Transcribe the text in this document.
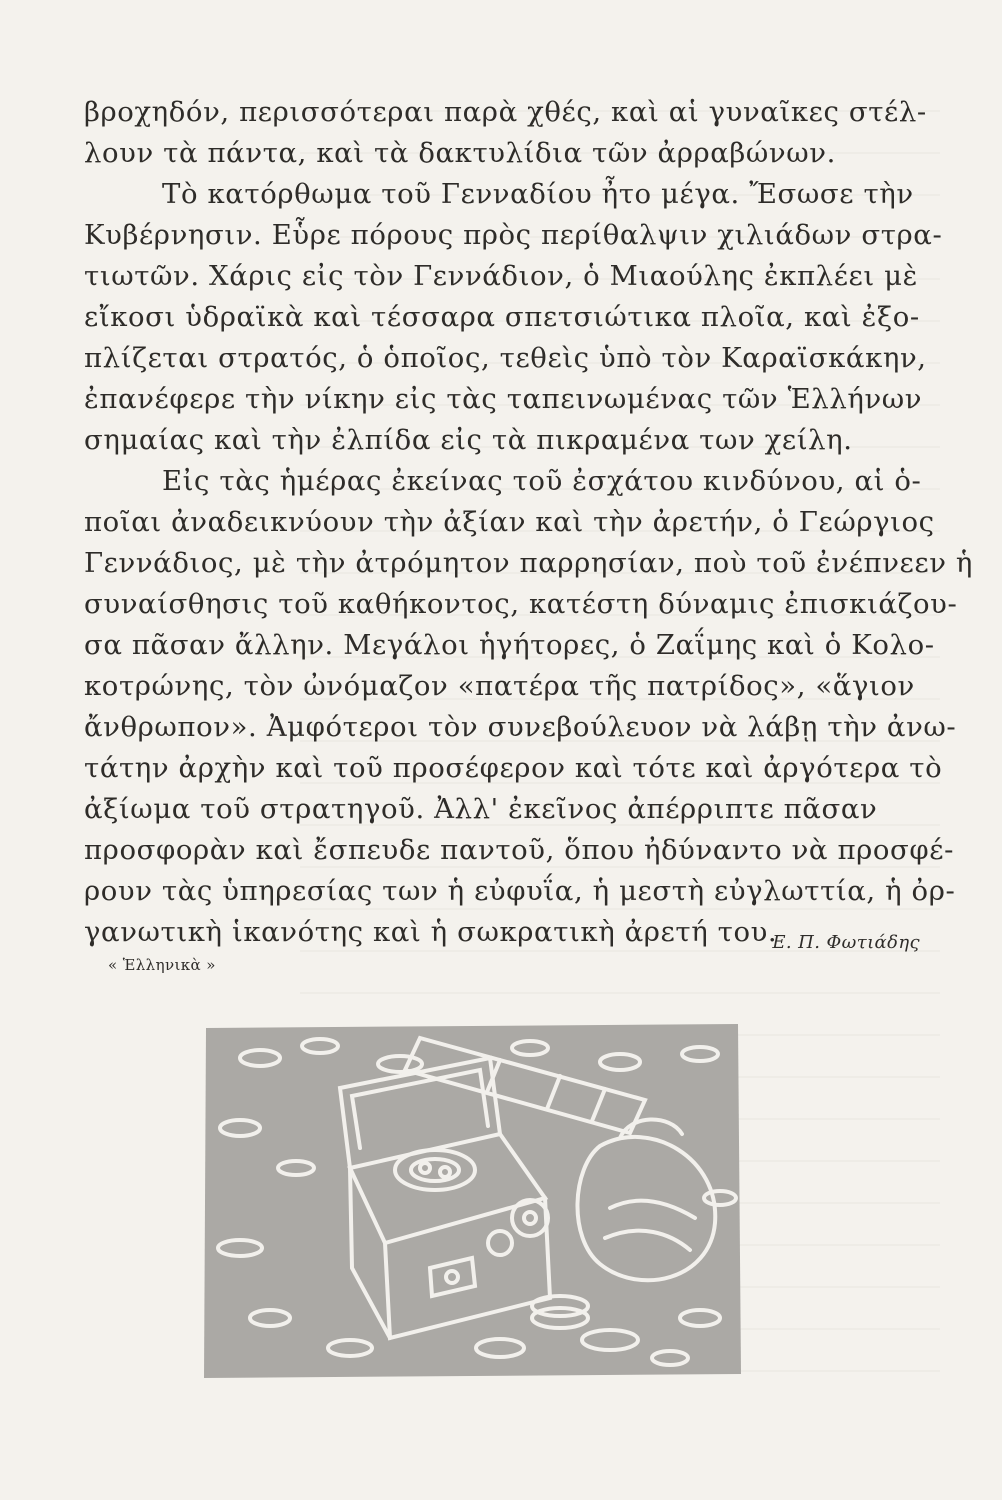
βροχηδόν, περισσότεραι παρὰ χθές, καὶ αἱ γυναῖκες στέλ-
λουν τὰ πάντα, καὶ τὰ δακτυλίδια τῶν ἀρραβώνων.
Τὸ κατόρθωμα τοῦ Γενναδίου ἦτο μέγα. Ἔσωσε τὴν
Κυβέρνησιν. Εὗρε πόρους πρὸς περίθαλψιν χιλιάδων στρα-
τιωτῶν. Χάρις εἰς τὸν Γεννάδιον, ὁ Μιαούλης ἐκπλέει μὲ
εἴκοσι ὑδραϊκὰ καὶ τέσσαρα σπετσιώτικα πλοῖα, καὶ ἐξο-
πλίζεται στρατός, ὁ ὁποῖος, τεθεὶς ὑπὸ τὸν Καραϊσκάκην,
ἐπανέφερε τὴν νίκην εἰς τὰς ταπεινωμένας τῶν Ἑλλήνων
σημαίας καὶ τὴν ἐλπίδα εἰς τὰ πικραμένα των χείλη.
Εἰς τὰς ἡμέρας ἐκείνας τοῦ ἐσχάτου κινδύνου, αἱ ὁ-
ποῖαι ἀναδεικνύουν τὴν ἀξίαν καὶ τὴν ἀρετήν, ὁ Γεώργιος
Γεννάδιος, μὲ τὴν ἀτρόμητον παρρησίαν, ποὺ τοῦ ἐνέπνεεν ἡ
συναίσθησις τοῦ καθήκοντος, κατέστη δύναμις ἐπισκιάζου-
σα πᾶσαν ἄλλην. Μεγάλοι ἡγήτορες, ὁ Ζαΐμης καὶ ὁ Κολο-
κοτρώνης, τὸν ὠνόμαζον «πατέρα τῆς πατρίδος», «ἅγιον
ἄνθρωπον». Ἀμφότεροι τὸν συνεβούλευον νὰ λάβῃ τὴν ἀνω-
τάτην ἀρχὴν καὶ τοῦ προσέφερον καὶ τότε καὶ ἀργότερα τὸ
ἀξίωμα τοῦ στρατηγοῦ. Ἀλλ' ἐκεῖνος ἀπέρριπτε πᾶσαν
προσφορὰν καὶ ἔσπευδε παντοῦ, ὅπου ἠδύναντο νὰ προσφέ-
ρουν τὰς ὑπηρεσίας των ἡ εὐφυΐα, ἡ μεστὴ εὐγλωττία, ἡ ὀρ-
γανωτικὴ ἱκανότης καὶ ἡ σωκρατικὴ ἀρετή του.
Ε. Π. Φωτιάδης
« Ἑλληνικὰ »
